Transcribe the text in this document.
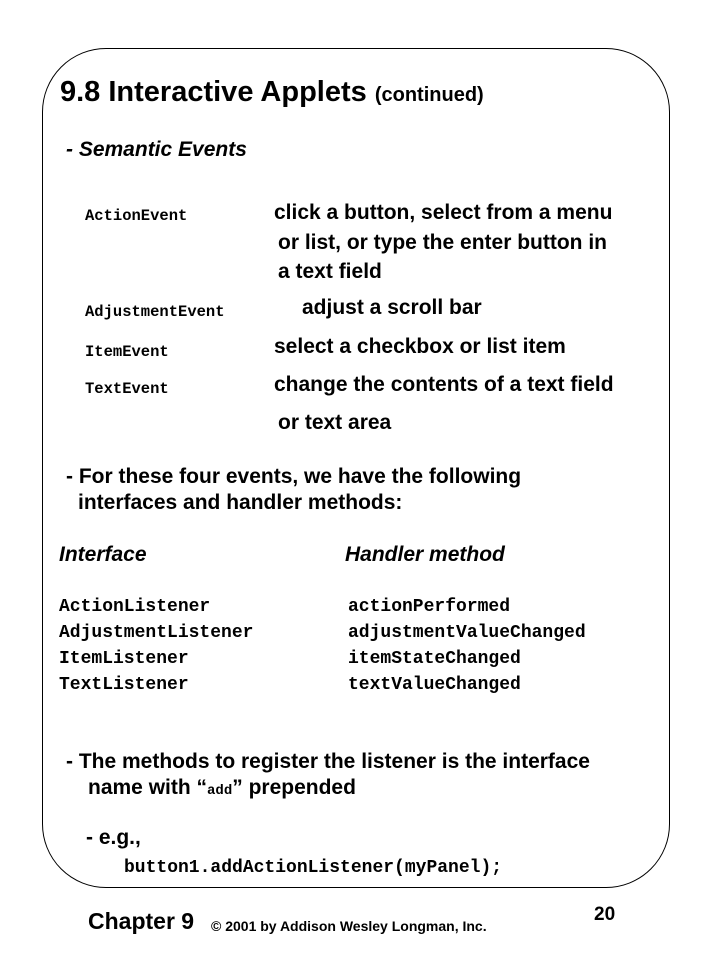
9.8 Interactive Applets (continued)
- Semantic Events
ActionEvent	click a button, select from a menu
or list, or type the enter button in
a text field
AdjustmentEvent	adjust a scroll bar
ItemEvent	select a checkbox or list item
TextEvent	change the contents of a text field
or text area
- For these four events, we have the following
interfaces and handler methods:
Interface	Handler method
ActionListener	actionPerformed
AdjustmentListener	adjustmentValueChanged
ItemListener	itemStateChanged
TextListener	textValueChanged
- The methods to register the listener is the interface
name with “add” prepended
- e.g.,
button1.addActionListener(myPanel);
Chapter 9 © 2001 by Addison Wesley Longman, Inc.
20
